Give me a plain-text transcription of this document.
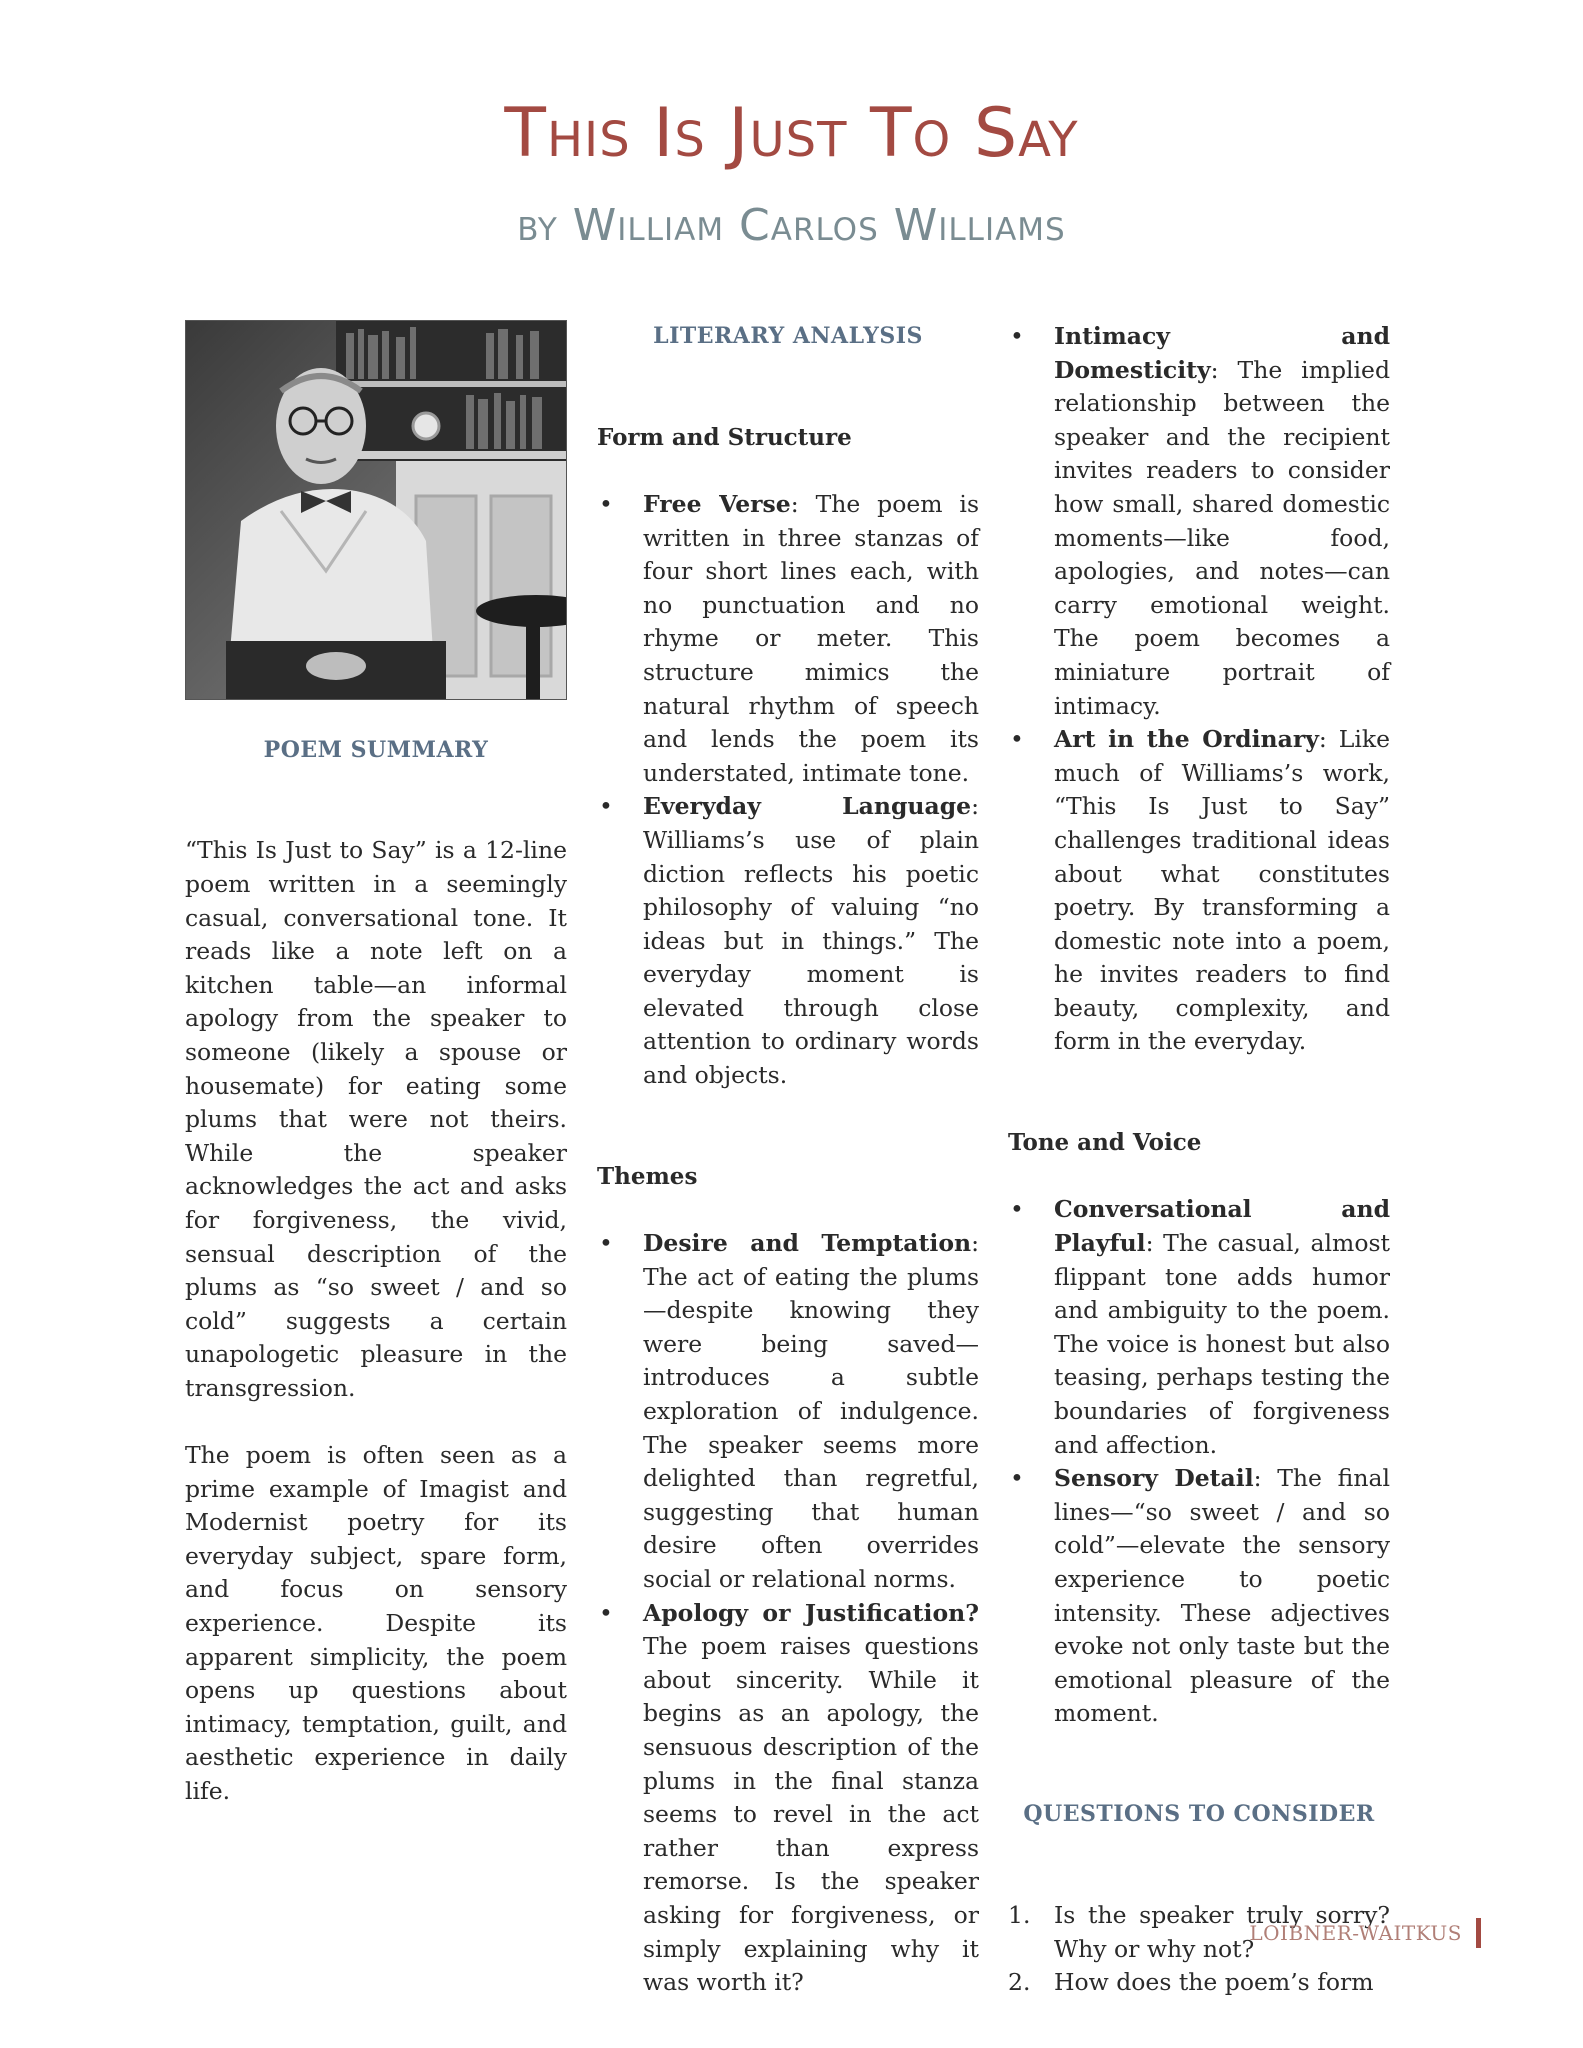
This Is Just To Say
by William Carlos Williams
POEM SUMMARY

“This Is Just to Say” is a 12-line poem written in a seemingly casual, conversational tone. It reads like a note left on a kitchen table—an informal apology from the speaker to someone (likely a spouse or housemate) for eating some plums that were not theirs. While the speaker acknowledges the act and asks for forgiveness, the vivid, sensual description of the plums as “so sweet / and so cold” suggests a certain unapologetic pleasure in the transgression.

The poem is often seen as a prime example of Imagist and Modernist poetry for its everyday subject, spare form, and focus on sensory experience. Despite its apparent simplicity, the poem opens up questions about intimacy, temptation, guilt, and aesthetic experience in daily life.

LITERARY ANALYSIS
Form and Structure
• Free Verse: The poem is written in three stanzas of four short lines each, with no punctuation and no rhyme or meter. This structure mimics the natural rhythm of speech and lends the poem its understated, intimate tone.
• Everyday Language: Williams’s use of plain diction reflects his poetic philosophy of valuing “no ideas but in things.” The everyday moment is elevated through close attention to ordinary words and objects.
Themes
• Desire and Temptation: The act of eating the plums—despite knowing they were being saved—introduces a subtle exploration of indulgence. The speaker seems more delighted than regretful, suggesting that human desire often overrides social or relational norms.
• Apology or Justification? The poem raises questions about sincerity. While it begins as an apology, the sensuous description of the plums in the final stanza seems to revel in the act rather than express remorse. Is the speaker asking for forgiveness, or simply explaining why it was worth it?
• Intimacy and Domesticity: The implied relationship between the speaker and the recipient invites readers to consider how small, shared domestic moments—like food, apologies, and notes—can carry emotional weight. The poem becomes a miniature portrait of intimacy.
• Art in the Ordinary: Like much of Williams’s work, “This Is Just to Say” challenges traditional ideas about what constitutes poetry. By transforming a domestic note into a poem, he invites readers to find beauty, complexity, and form in the everyday.
Tone and Voice
• Conversational and Playful: The casual, almost flippant tone adds humor and ambiguity to the poem. The voice is honest but also teasing, perhaps testing the boundaries of forgiveness and affection.
• Sensory Detail: The final lines—“so sweet / and so cold”—elevate the sensory experience to poetic intensity. These adjectives evoke not only taste but the emotional pleasure of the moment.
QUESTIONS TO CONSIDER
1. Is the speaker truly sorry? Why or why not?
2. How does the poem’s form
LOIBNER-WAITKUS
